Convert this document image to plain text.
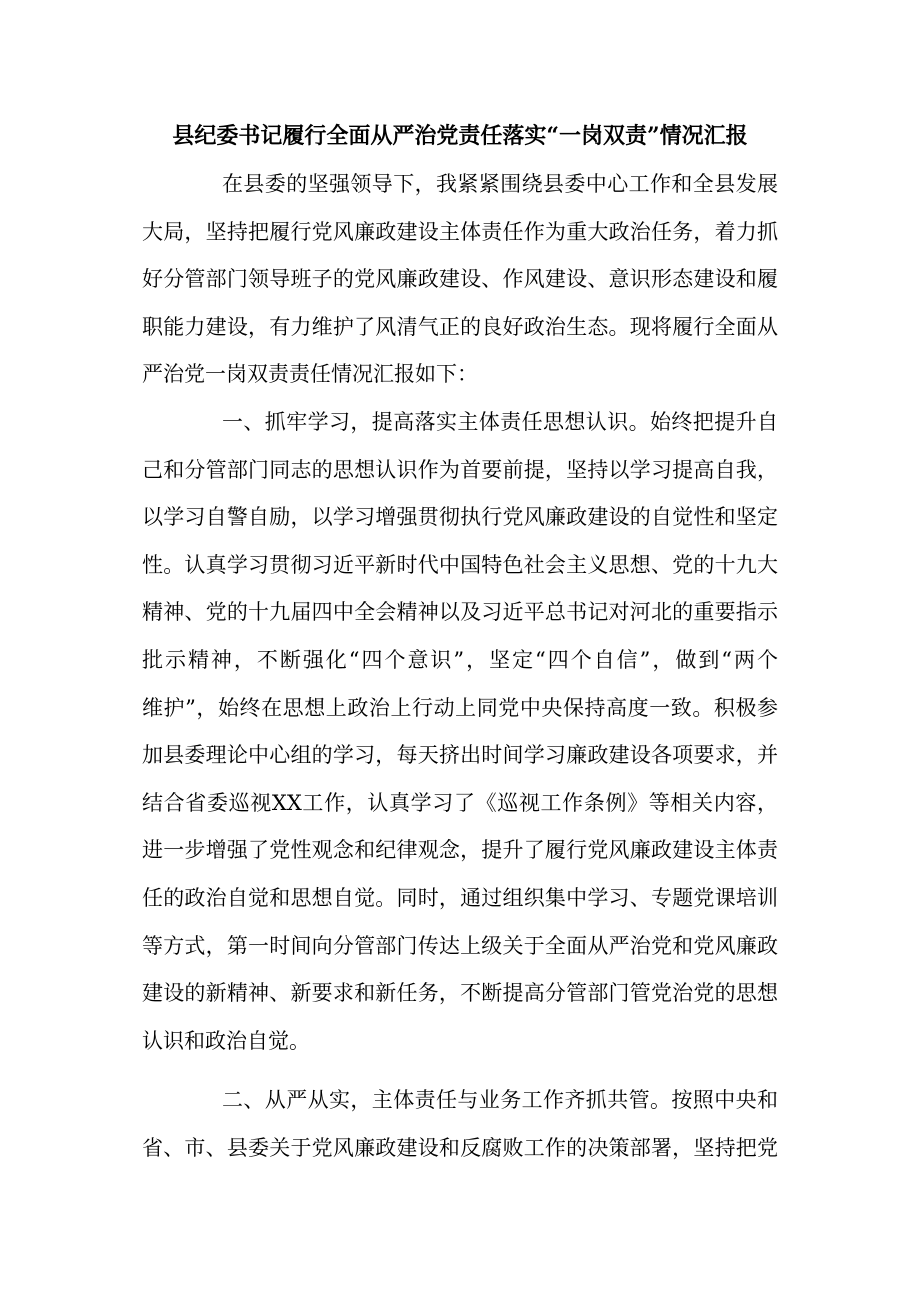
县纪委书记履行全面从严治党责任落实“一岗双责”情况汇报
在县委的坚强领导下，我紧紧围绕县委中心工作和全县发展
大局，坚持把履行党风廉政建设主体责任作为重大政治任务，着力抓
好分管部门领导班子的党风廉政建设、作风建设、意识形态建设和履
职能力建设，有力维护了风清气正的良好政治生态。现将履行全面从
严治党一岗双责责任情况汇报如下：
一、抓牢学习，提高落实主体责任思想认识。始终把提升自
己和分管部门同志的思想认识作为首要前提，坚持以学习提高自我，
以学习自警自励，以学习增强贯彻执行党风廉政建设的自觉性和坚定
性。认真学习贯彻习近平新时代中国特色社会主义思想、党的十九大
精神、党的十九届四中全会精神以及习近平总书记对河北的重要指示
批示精神，不断强化“四个意识”，坚定“四个自信”，做到“两个
维护”，始终在思想上政治上行动上同党中央保持高度一致。积极参
加县委理论中心组的学习，每天挤出时间学习廉政建设各项要求，并
结合省委巡视XX工作，认真学习了《巡视工作条例》等相关内容，
进一步增强了党性观念和纪律观念，提升了履行党风廉政建设主体责
任的政治自觉和思想自觉。同时，通过组织集中学习、专题党课培训
等方式，第一时间向分管部门传达上级关于全面从严治党和党风廉政
建设的新精神、新要求和新任务，不断提高分管部门管党治党的思想
认识和政治自觉。
二、从严从实，主体责任与业务工作齐抓共管。按照中央和
省、市、县委关于党风廉政建设和反腐败工作的决策部署，坚持把党
